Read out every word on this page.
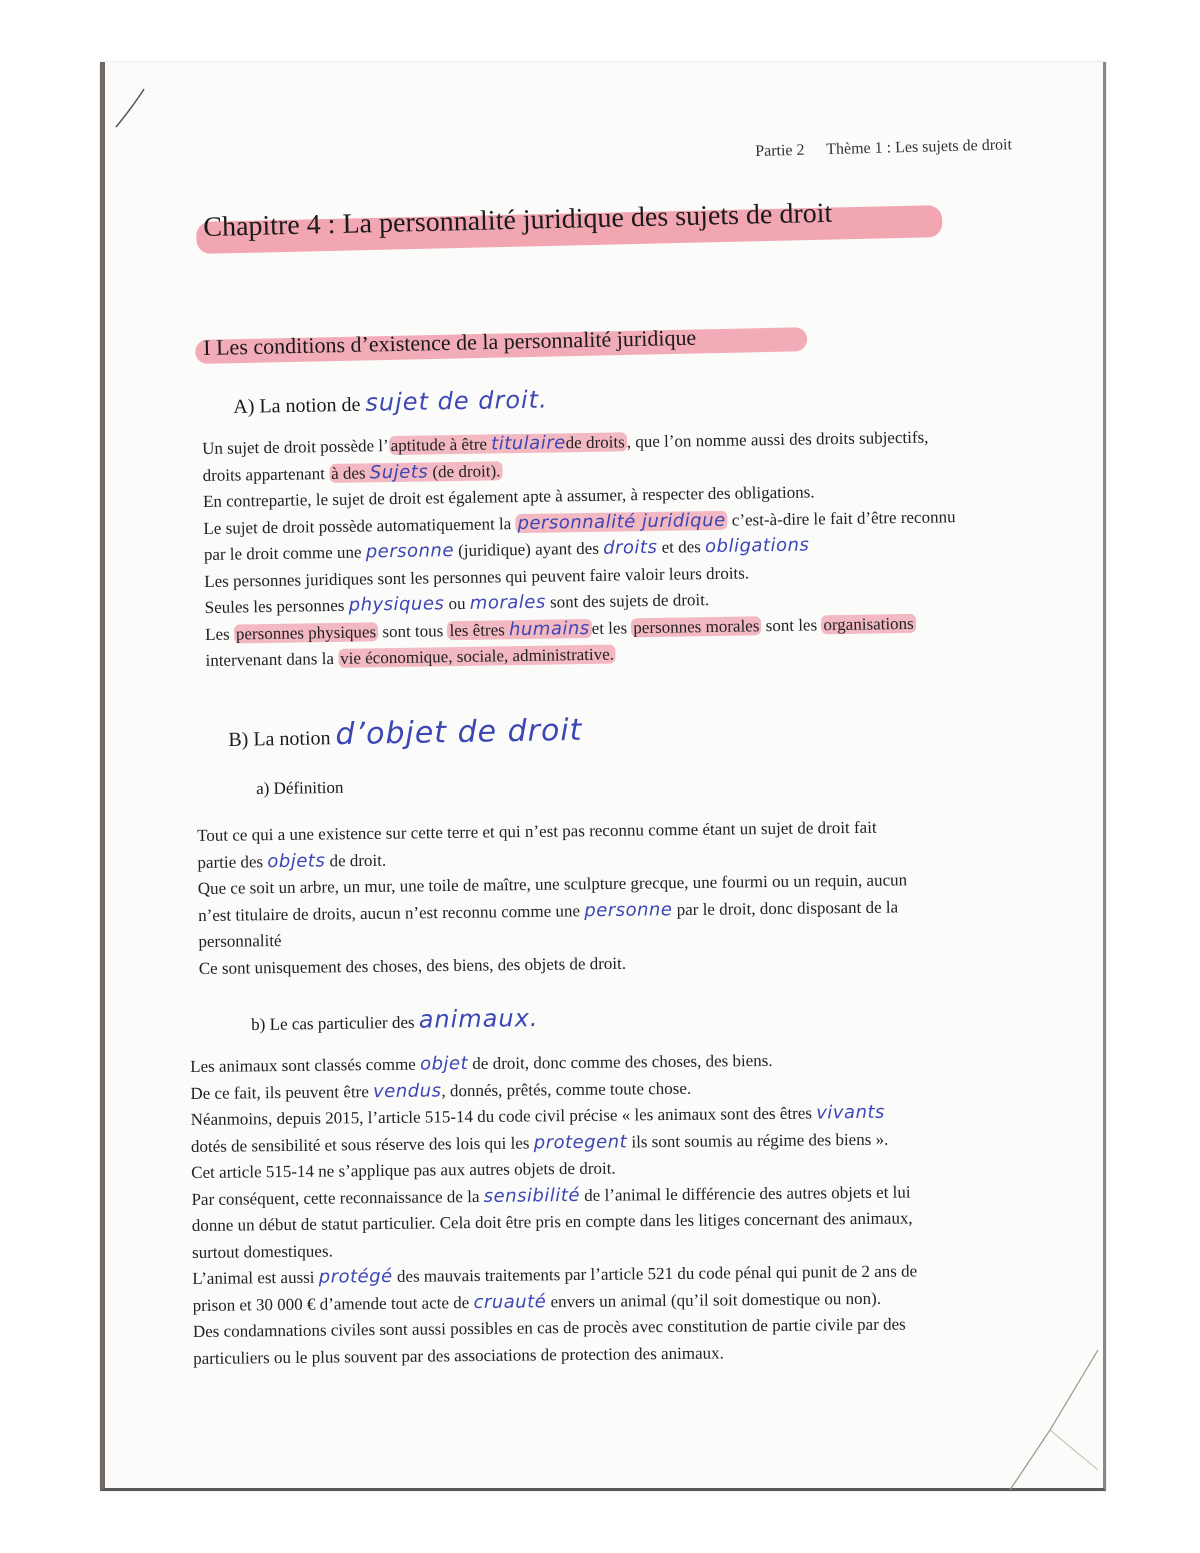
Partie 2 Thème 1 : Les sujets de droit
Chapitre 4 : La personnalité juridique des sujets de droit
I Les conditions d’existence de la personnalité juridique
A) La notion de sujet de droit.
Un sujet de droit possède l’ aptitude à être titulairede droits , que l’on nomme aussi des droits subjectifs,
droits appartenant à des Sujets (de droit).
En contrepartie, le sujet de droit est également apte à assumer, à respecter des obligations.
Le sujet de droit possède automatiquement la personnalité juridique c’est-à-dire le fait d’être reconnu
par le droit comme une personne (juridique) ayant des droits et des obligations
Les personnes juridiques sont les personnes qui peuvent faire valoir leurs droits.
Seules les personnes physiques ou morales sont des sujets de droit.
Les personnes physiques sont tous les êtres humainset les personnes morales sont les organisations
intervenant dans la vie économique, sociale, administrative.
B) La notion d’objet de droit
a) Définition
Tout ce qui a une existence sur cette terre et qui n’est pas reconnu comme étant un sujet de droit fait
partie des objets de droit.
Que ce soit un arbre, un mur, une toile de maître, une sculpture grecque, une fourmi ou un requin, aucun
n’est titulaire de droits, aucun n’est reconnu comme une personne par le droit, donc disposant de la
personnalité
Ce sont unisquement des choses, des biens, des objets de droit.
b) Le cas particulier des animaux.
Les animaux sont classés comme objet de droit, donc comme des choses, des biens.
De ce fait, ils peuvent être vendus, donnés, prêtés, comme toute chose.
Néanmoins, depuis 2015, l’article 515-14 du code civil précise « les animaux sont des êtres vivants
dotés de sensibilité et sous réserve des lois qui les protegent ils sont soumis au régime des biens ».
Cet article 515-14 ne s’applique pas aux autres objets de droit.
Par conséquent, cette reconnaissance de la sensibilité de l’animal le différencie des autres objets et lui
donne un début de statut particulier. Cela doit être pris en compte dans les litiges concernant des animaux,
surtout domestiques.
L’animal est aussi protégé des mauvais traitements par l’article 521 du code pénal qui punit de 2 ans de
prison et 30 000 € d’amende tout acte de cruauté envers un animal (qu’il soit domestique ou non).
Des condamnations civiles sont aussi possibles en cas de procès avec constitution de partie civile par des
particuliers ou le plus souvent par des associations de protection des animaux.
